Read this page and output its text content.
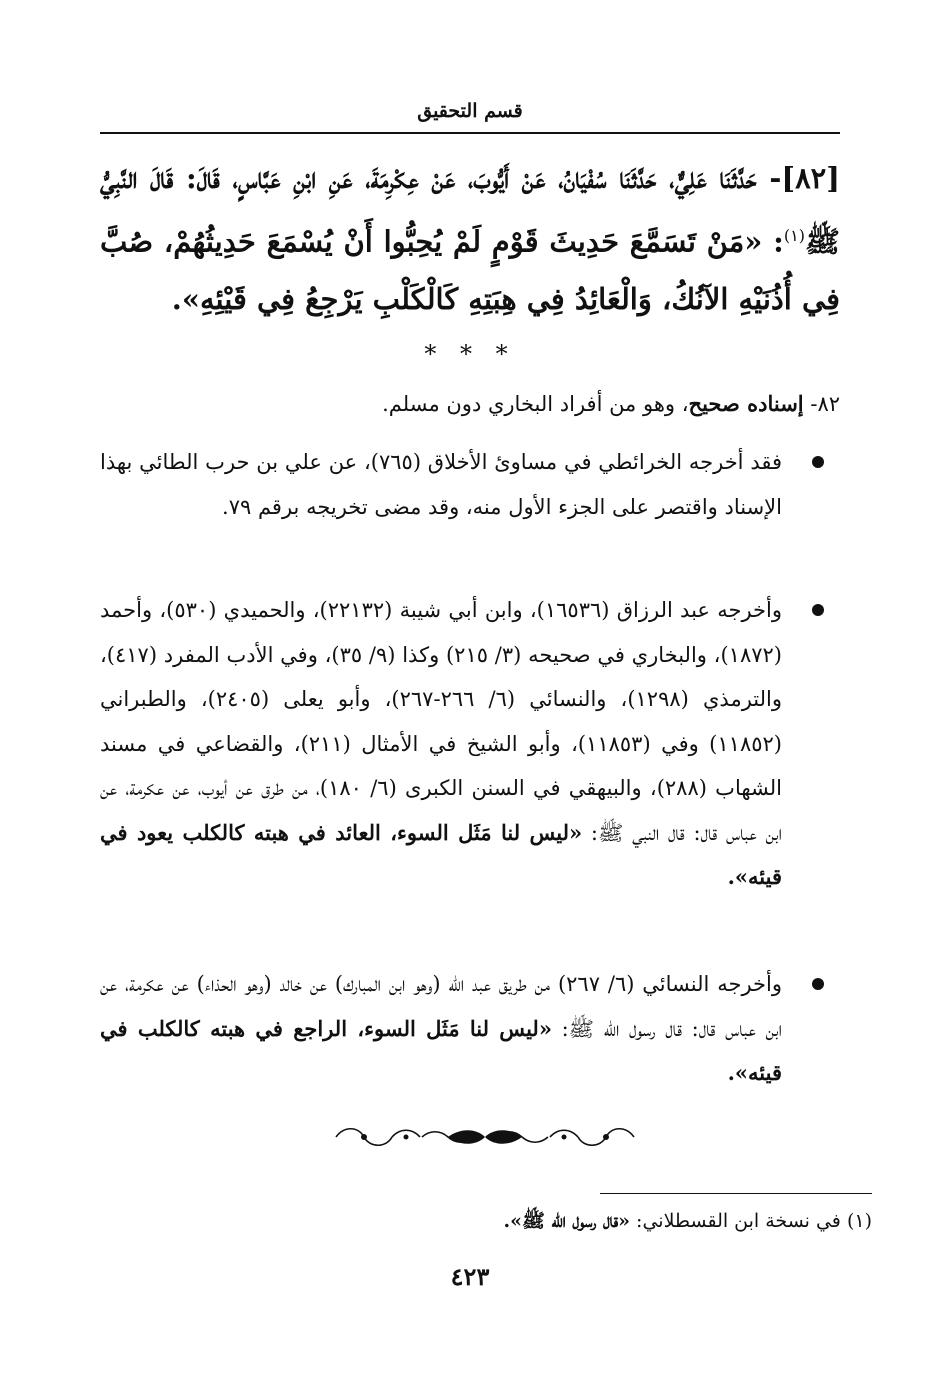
قسم التحقيق
[٨٢]- حَدَّثَنَا عَلِيٌّ، حَدَّثَنَا سُفْيَانُ، عَنْ أَيُّوبَ، عَنْ عِكْرِمَةَ، عَنِ ابْنِ عَبَّاسٍ، قَالَ: قَالَ النَّبِيُّ ﷺ$^{(١)}$: «مَنْ تَسَمَّعَ حَدِيثَ قَوْمٍ لَمْ يُحِبُّوا أَنْ يُسْمَعَ حَدِيثُهُمْ، صُبَّ فِي أُذُنَيْهِ الآنُكُ، وَالْعَائِدُ فِي هِبَتِهِ كَالْكَلْبِ يَرْجِعُ فِي قَيْئِهِ».
* * *
٨٢- إسناده صحيح، وهو من أفراد البخاري دون مسلم.

فقد أخرجه الخرائطي في مساوئ الأخلاق (٧٦٥)، عن علي بن حرب الطائي بهذا الإسناد واقتصر على الجزء الأول منه، وقد مضى تخريجه برقم ٧٩.

وأخرجه عبد الرزاق (١٦٥٣٦)، وابن أبي شيبة (٢٢١٣٢)، والحميدي (٥٣٠)، وأحمد (١٨٧٢)، والبخاري في صحيحه (٣/ ٢١٥) وكذا (٩/ ٣٥)، وفي الأدب المفرد (٤١٧)، والترمذي (١٢٩٨)، والنسائي (٦/ ٢٦٦-٢٦٧)، وأبو يعلى (٢٤٠٥)، والطبراني (١١٨٥٢) وفي (١١٨٥٣)، وأبو الشيخ في الأمثال (٢١١)، والقضاعي في مسند الشهاب (٢٨٨)، والبيهقي في السنن الكبرى (٦/ ١٨٠)، من طرق عن أيوب، عن عكرمة، عن ابن عباس قال: قال النبي ﷺ: «ليس لنا مَثَل السوء، العائد في هبته كالكلب يعود في قيئه».

وأخرجه النسائي (٦/ ٢٦٧) من طريق عبد الله (وهو ابن المبارك) عن خالد (وهو الحذاء) عن عكرمة، عن ابن عباس قال: قال رسول الله ﷺ: «ليس لنا مَثَل السوء، الراجع في هبته كالكلب في قيئه».

(١) في نسخة ابن القسطلاني: «قال رسول الله ﷺ».
٤٢٣
